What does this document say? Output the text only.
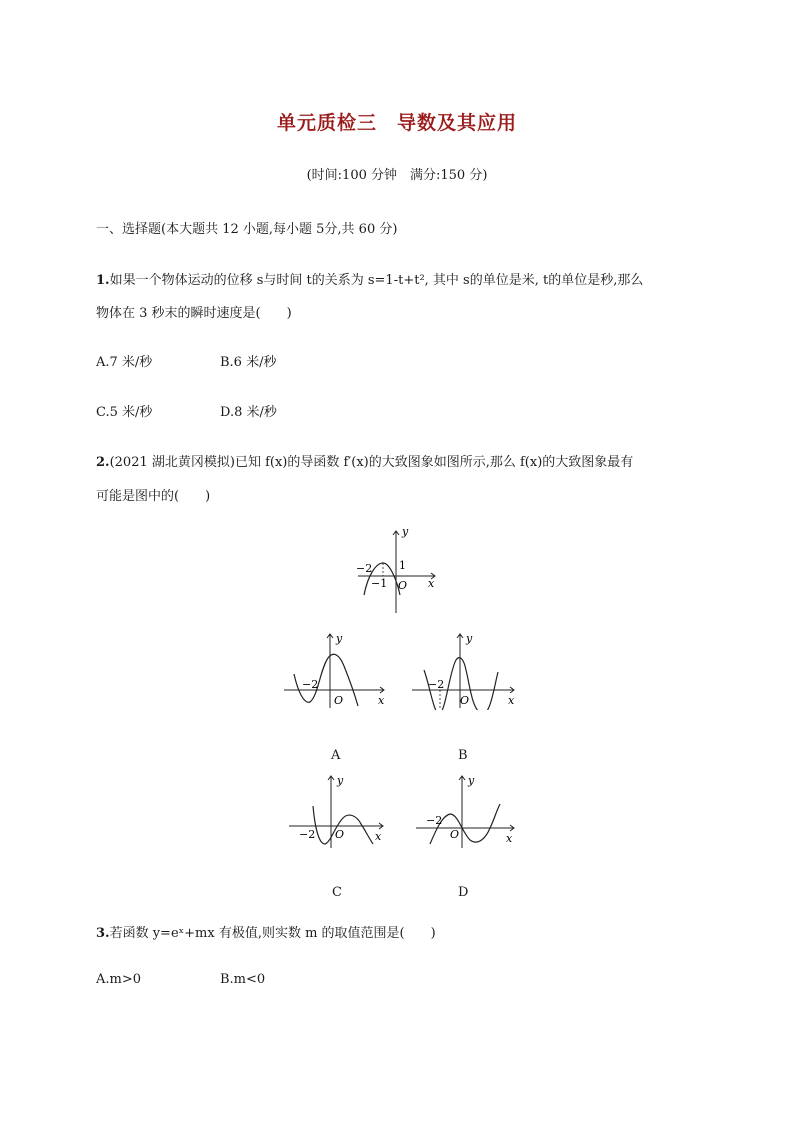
单元质检三　导数及其应用
(时间:100 分钟　满分:150 分)
一、选择题(本大题共 12 小题,每小题 5分,共 60 分)
1.如果一个物体运动的位移 s与时间 t的关系为 s=1-t+t², 其中 s的单位是米, t的单位是秒,那么
物体在 3 秒末的瞬时速度是(　　)
A.7 米/秒	B.6 米/秒
C.5 米/秒	D.8 米/秒
2.(2021 湖北黄冈模拟)已知 f(x)的导函数 f′(x)的大致图象如图所示,那么 f(x)的大致图象最有
可能是图中的(　　)
y
x
O
−2
−1
1
y
x
O
−2
A
y
x
O
−2
B
y
x
O
−2
C
y
x
O
−2
D
3.若函数 y=eˣ+mx 有极值,则实数 m 的取值范围是(　　)
A.m>0	B.m<0
